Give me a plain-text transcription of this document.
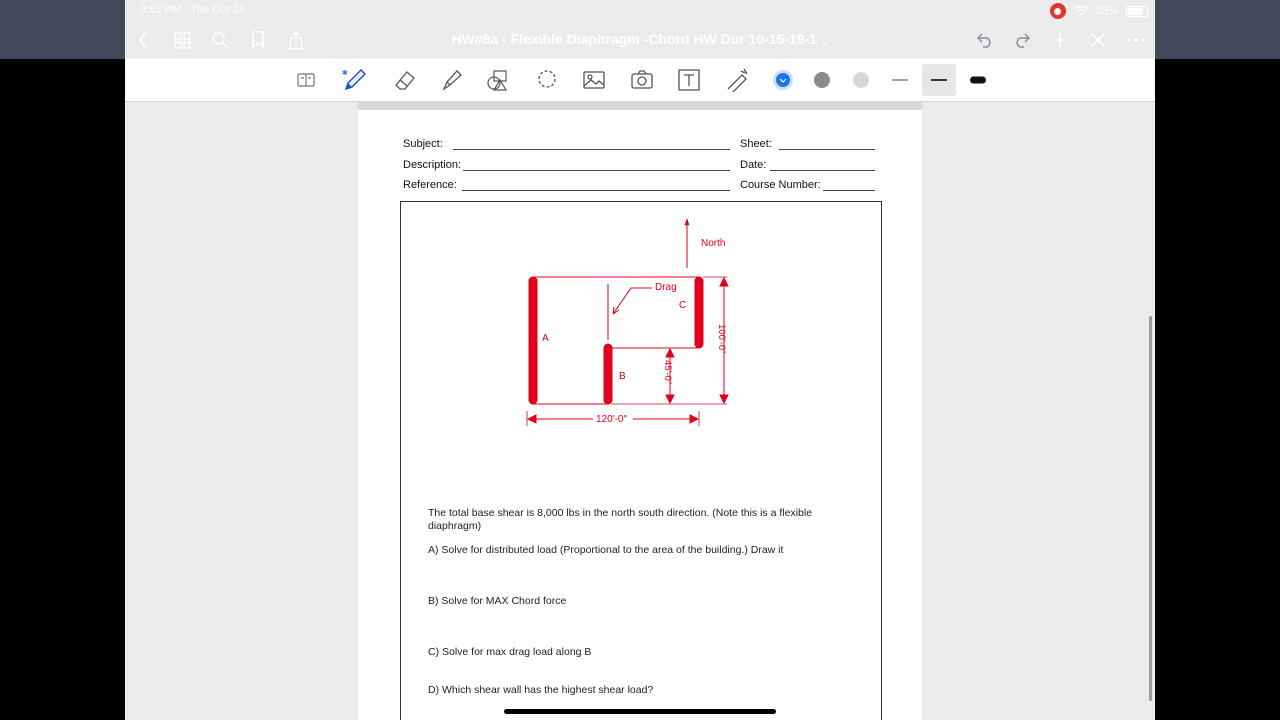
3:53 PM Thu Oct 24	85%
HW#8a - Flexible Diaphragm -Chord HW Dur 10-15-19-1 ⌄
✱
Subject:
Description:
Reference:
Sheet:
Date:
Course Number:
North
Drag
A
B
C
120'-0"
100'-0"
45'-0"
The total base shear is 8,000 lbs in the north south direction. (Note this is a flexible diaphragm)
A) Solve for distributed load (Proportional to the area of the building.) Draw it
B) Solve for MAX Chord force
C) Solve for max drag load along B
D) Which shear wall has the highest shear load?
